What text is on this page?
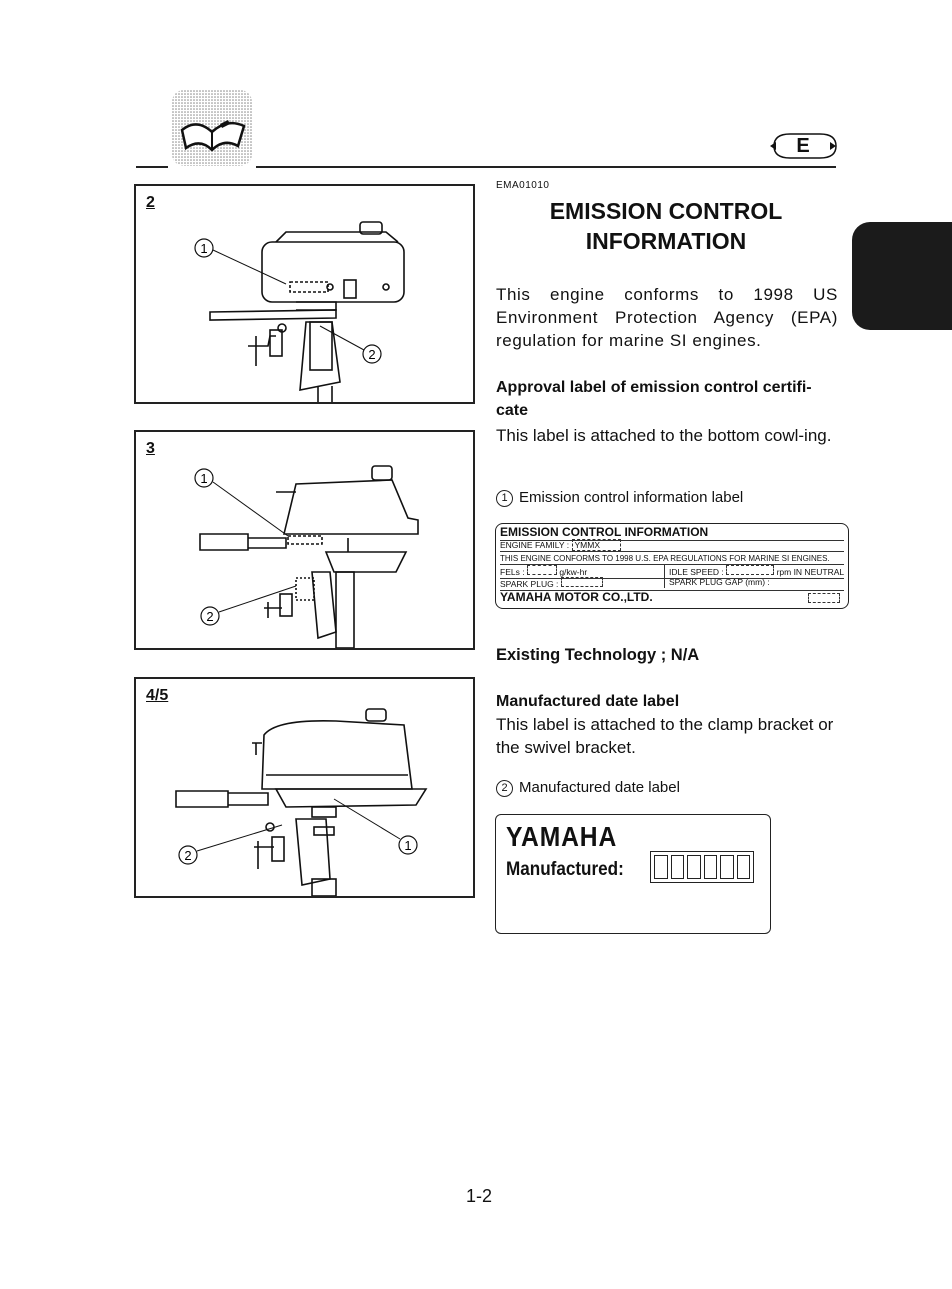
E
2
1
2
3
1
2
4/5
2
1
EMA01010
EMISSION CONTROL
INFORMATION
This engine conforms to 1998 US Environment Protection Agency (EPA) regulation for marine SI engines.
Approval label of emission control certifi-cate
This label is attached to the bottom cowl-ing.
1 Emission control information label
EMISSION CONTROL INFORMATION
ENGINE FAMILY : YMMX
THIS ENGINE CONFORMS TO 1998 U.S. EPA REGULATIONS FOR MARINE SI ENGINES.
FELs :	g/kw-hr	IDLE SPEED :	rpm IN NEUTRAL
SPARK PLUG :	SPARK PLUG GAP (mm) :
YAMAHA MOTOR CO.,LTD.
Existing Technology ; N/A
Manufactured date label
This label is attached to the clamp bracket or the swivel bracket.
2 Manufactured date label
YAMAHA
Manufactured:
1-2
